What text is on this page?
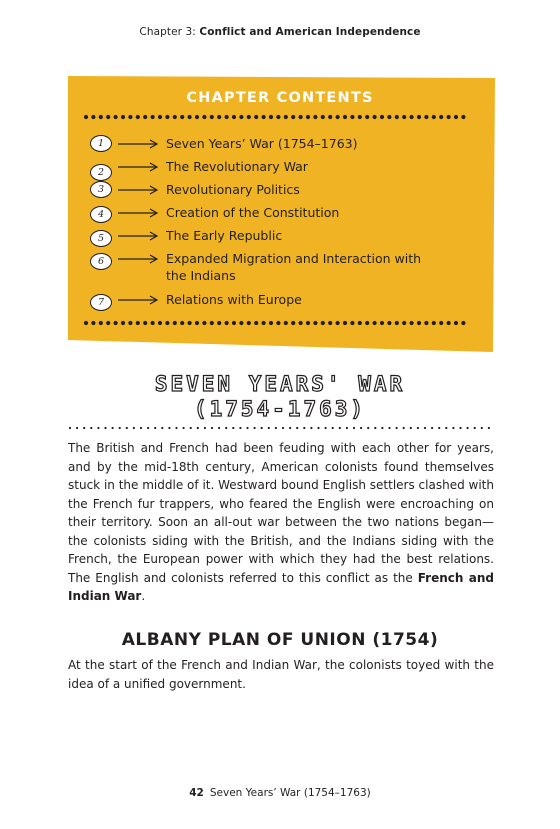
Chapter 3: Conflict and American Independence
CHAPTER CONTENTS
1	Seven Years’ War (1754–1763)
2	The Revolutionary War
3	Revolutionary Politics
4	Creation of the Constitution
5	The Early Republic
6	Expanded Migration and Interaction with the Indians
7	Relations with Europe
SEVEN YEARS' WAR
(1754-1763)
The British and French had been feuding with each other for years, and by the mid-18th century, American colonists found themselves stuck in the middle of it. Westward bound English settlers clashed with the French fur trappers, who feared the English were encroaching on their territory. Soon an all-out war between the two nations began—the colonists siding with the British, and the Indians siding with the French, the European power with which they had the best relations. The English and colonists referred to this conflict as the French and Indian War.
ALBANY PLAN OF UNION (1754)
At the start of the French and Indian War, the colonists toyed with the idea of a unified government.
42 Seven Years’ War (1754–1763)
